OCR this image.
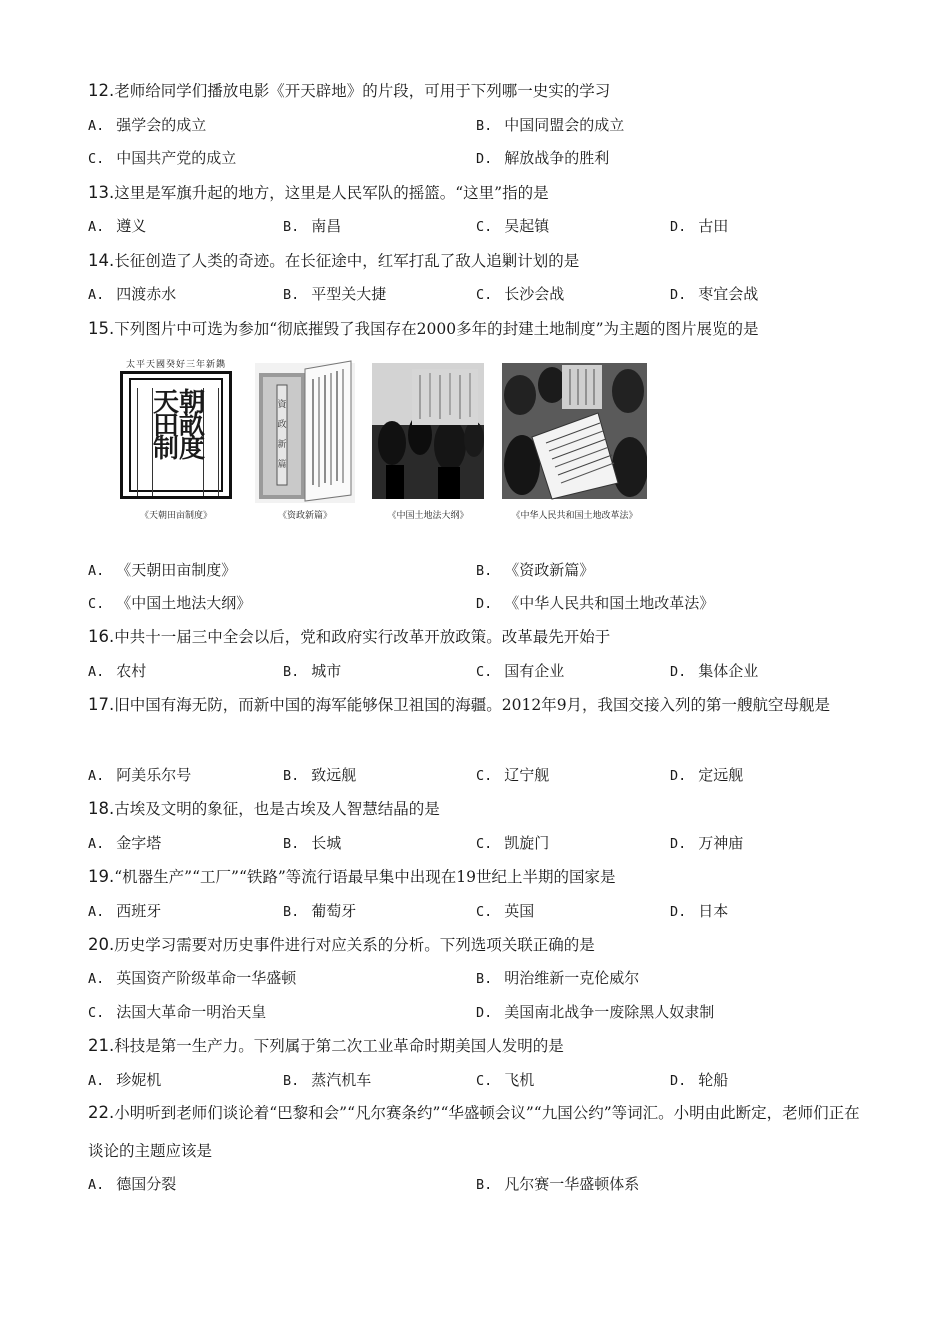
12.老师给同学们播放电影《开天辟地》的片段，可用于下列哪一史实的学习
A. 强学会的成立	B. 中国同盟会的成立
C. 中国共产党的成立	D. 解放战争的胜利
13.这里是军旗升起的地方，这里是人民军队的摇篮。“这里”指的是
A. 遵义	B. 南昌	C. 吴起镇	D. 古田
14.长征创造了人类的奇迹。在长征途中，红军打乱了敌人追剿计划的是
A. 四渡赤水	B. 平型关大捷	C. 长沙会战	D. 枣宜会战
15.下列图片中可选为参加“彻底摧毁了我国存在2000多年的封建土地制度”为主题的图片展览的是
太平天國癸好三年新鐫
天朝田畝制度
《天朝田亩制度》
資
政
新
篇
《资政新篇》	《中国土地法大纲》	《中华人民共和国土地改革法》
A. 《天朝田亩制度》	B. 《资政新篇》
C. 《中国土地法大纲》	D. 《中华人民共和国土地改革法》
16.中共十一届三中全会以后，党和政府实行改革开放政策。改革最先开始于
A. 农村	B. 城市	C. 国有企业	D. 集体企业
17.旧中国有海无防，而新中国的海军能够保卫祖国的海疆。2012年9月，我国交接入列的第一艘航空母舰是
A. 阿美乐尔号	B. 致远舰	C. 辽宁舰	D. 定远舰
18.古埃及文明的象征，也是古埃及人智慧结晶的是
A. 金字塔	B. 长城	C. 凯旋门	D. 万神庙
19.“机器生产”“工厂”“铁路”等流行语最早集中出现在19世纪上半期的国家是
A. 西班牙	B. 葡萄牙	C. 英国	D. 日本
20.历史学习需要对历史事件进行对应关系的分析。下列选项关联正确的是
A. 英国资产阶级革命一华盛顿	B. 明治维新一克伦威尔
C. 法国大革命一明治天皇	D. 美国南北战争一废除黑人奴隶制
21.科技是第一生产力。下列属于第二次工业革命时期美国人发明的是
A. 珍妮机	B. 蒸汽机车	C. 飞机	D. 轮船
22.小明听到老师们谈论着“巴黎和会”“凡尔赛条约”“华盛顿会议”“九国公约”等词汇。小明由此断定，老师们正在谈论的主题应该是
A. 德国分裂	B. 凡尔赛一华盛顿体系
